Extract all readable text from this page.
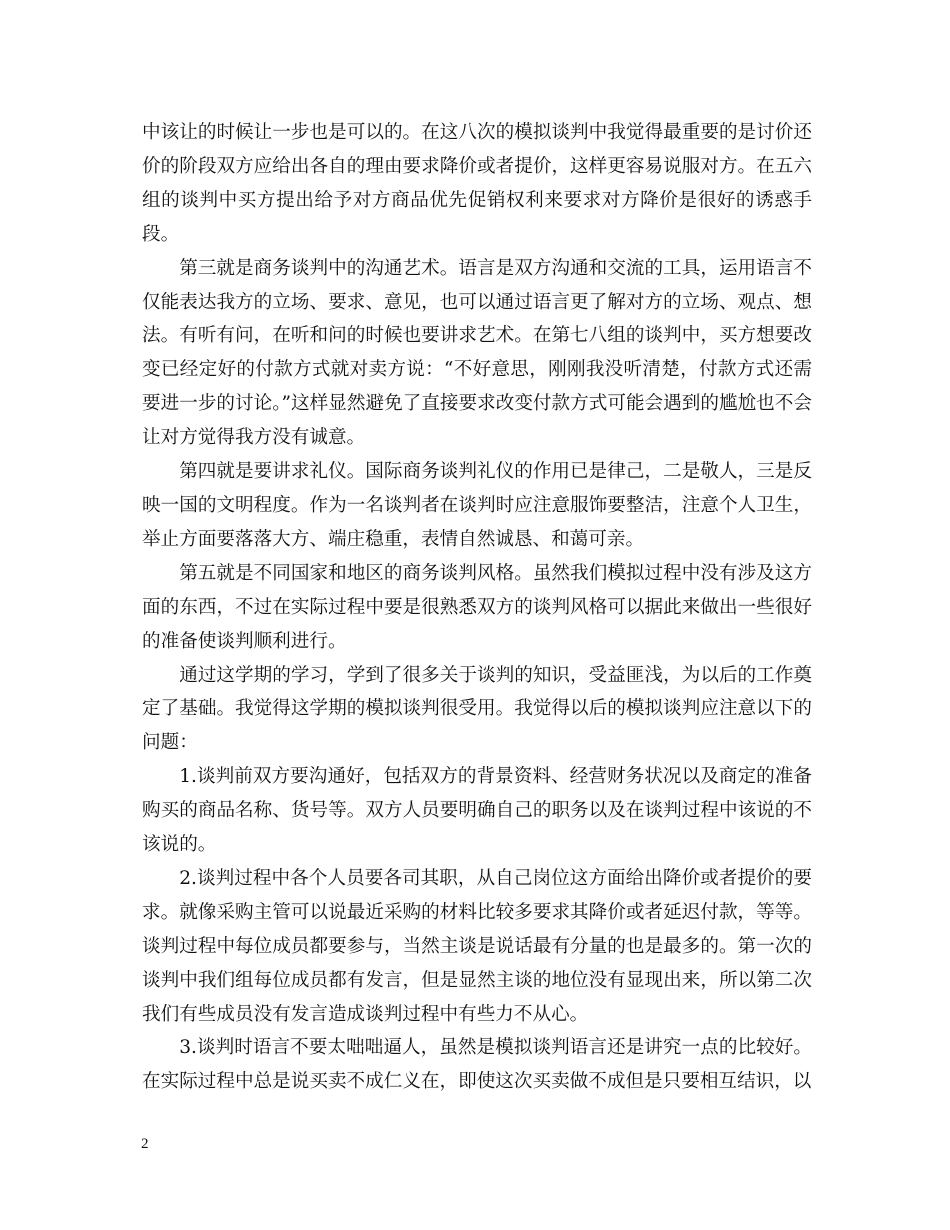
中该让的时候让一步也是可以的。在这八次的模拟谈判中我觉得最重要的是讨价还价的阶段双方应给出各自的理由要求降价或者提价，这样更容易说服对方。在五六组的谈判中买方提出给予对方商品优先促销权利来要求对方降价是很好的诱惑手段。

第三就是商务谈判中的沟通艺术。语言是双方沟通和交流的工具，运用语言不仅能表达我方的立场、要求、意见，也可以通过语言更了解对方的立场、观点、想法。有听有问，在听和问的时候也要讲求艺术。在第七八组的谈判中，买方想要改变已经定好的付款方式就对卖方说：“不好意思，刚刚我没听清楚，付款方式还需要进一步的讨论。”这样显然避免了直接要求改变付款方式可能会遇到的尴尬也不会让对方觉得我方没有诚意。

第四就是要讲求礼仪。国际商务谈判礼仪的作用已是律己，二是敬人，三是反映一国的文明程度。作为一名谈判者在谈判时应注意服饰要整洁，注意个人卫生，举止方面要落落大方、端庄稳重，表情自然诚恳、和蔼可亲。

第五就是不同国家和地区的商务谈判风格。虽然我们模拟过程中没有涉及这方面的东西，不过在实际过程中要是很熟悉双方的谈判风格可以据此来做出一些很好的准备使谈判顺利进行。

通过这学期的学习，学到了很多关于谈判的知识，受益匪浅，为以后的工作奠定了基础。我觉得这学期的模拟谈判很受用。我觉得以后的模拟谈判应注意以下的问题：

1.谈判前双方要沟通好，包括双方的背景资料、经营财务状况以及商定的准备购买的商品名称、货号等。双方人员要明确自己的职务以及在谈判过程中该说的不该说的。

2.谈判过程中各个人员要各司其职，从自己岗位这方面给出降价或者提价的要求。就像采购主管可以说最近采购的材料比较多要求其降价或者延迟付款，等等。谈判过程中每位成员都要参与，当然主谈是说话最有分量的也是最多的。第一次的谈判中我们组每位成员都有发言，但是显然主谈的地位没有显现出来，所以第二次我们有些成员没有发言造成谈判过程中有些力不从心。

3.谈判时语言不要太咄咄逼人，虽然是模拟谈判语言还是讲究一点的比较好。在实际过程中总是说买卖不成仁义在，即使这次买卖做不成但是只要相互结识，以

2
